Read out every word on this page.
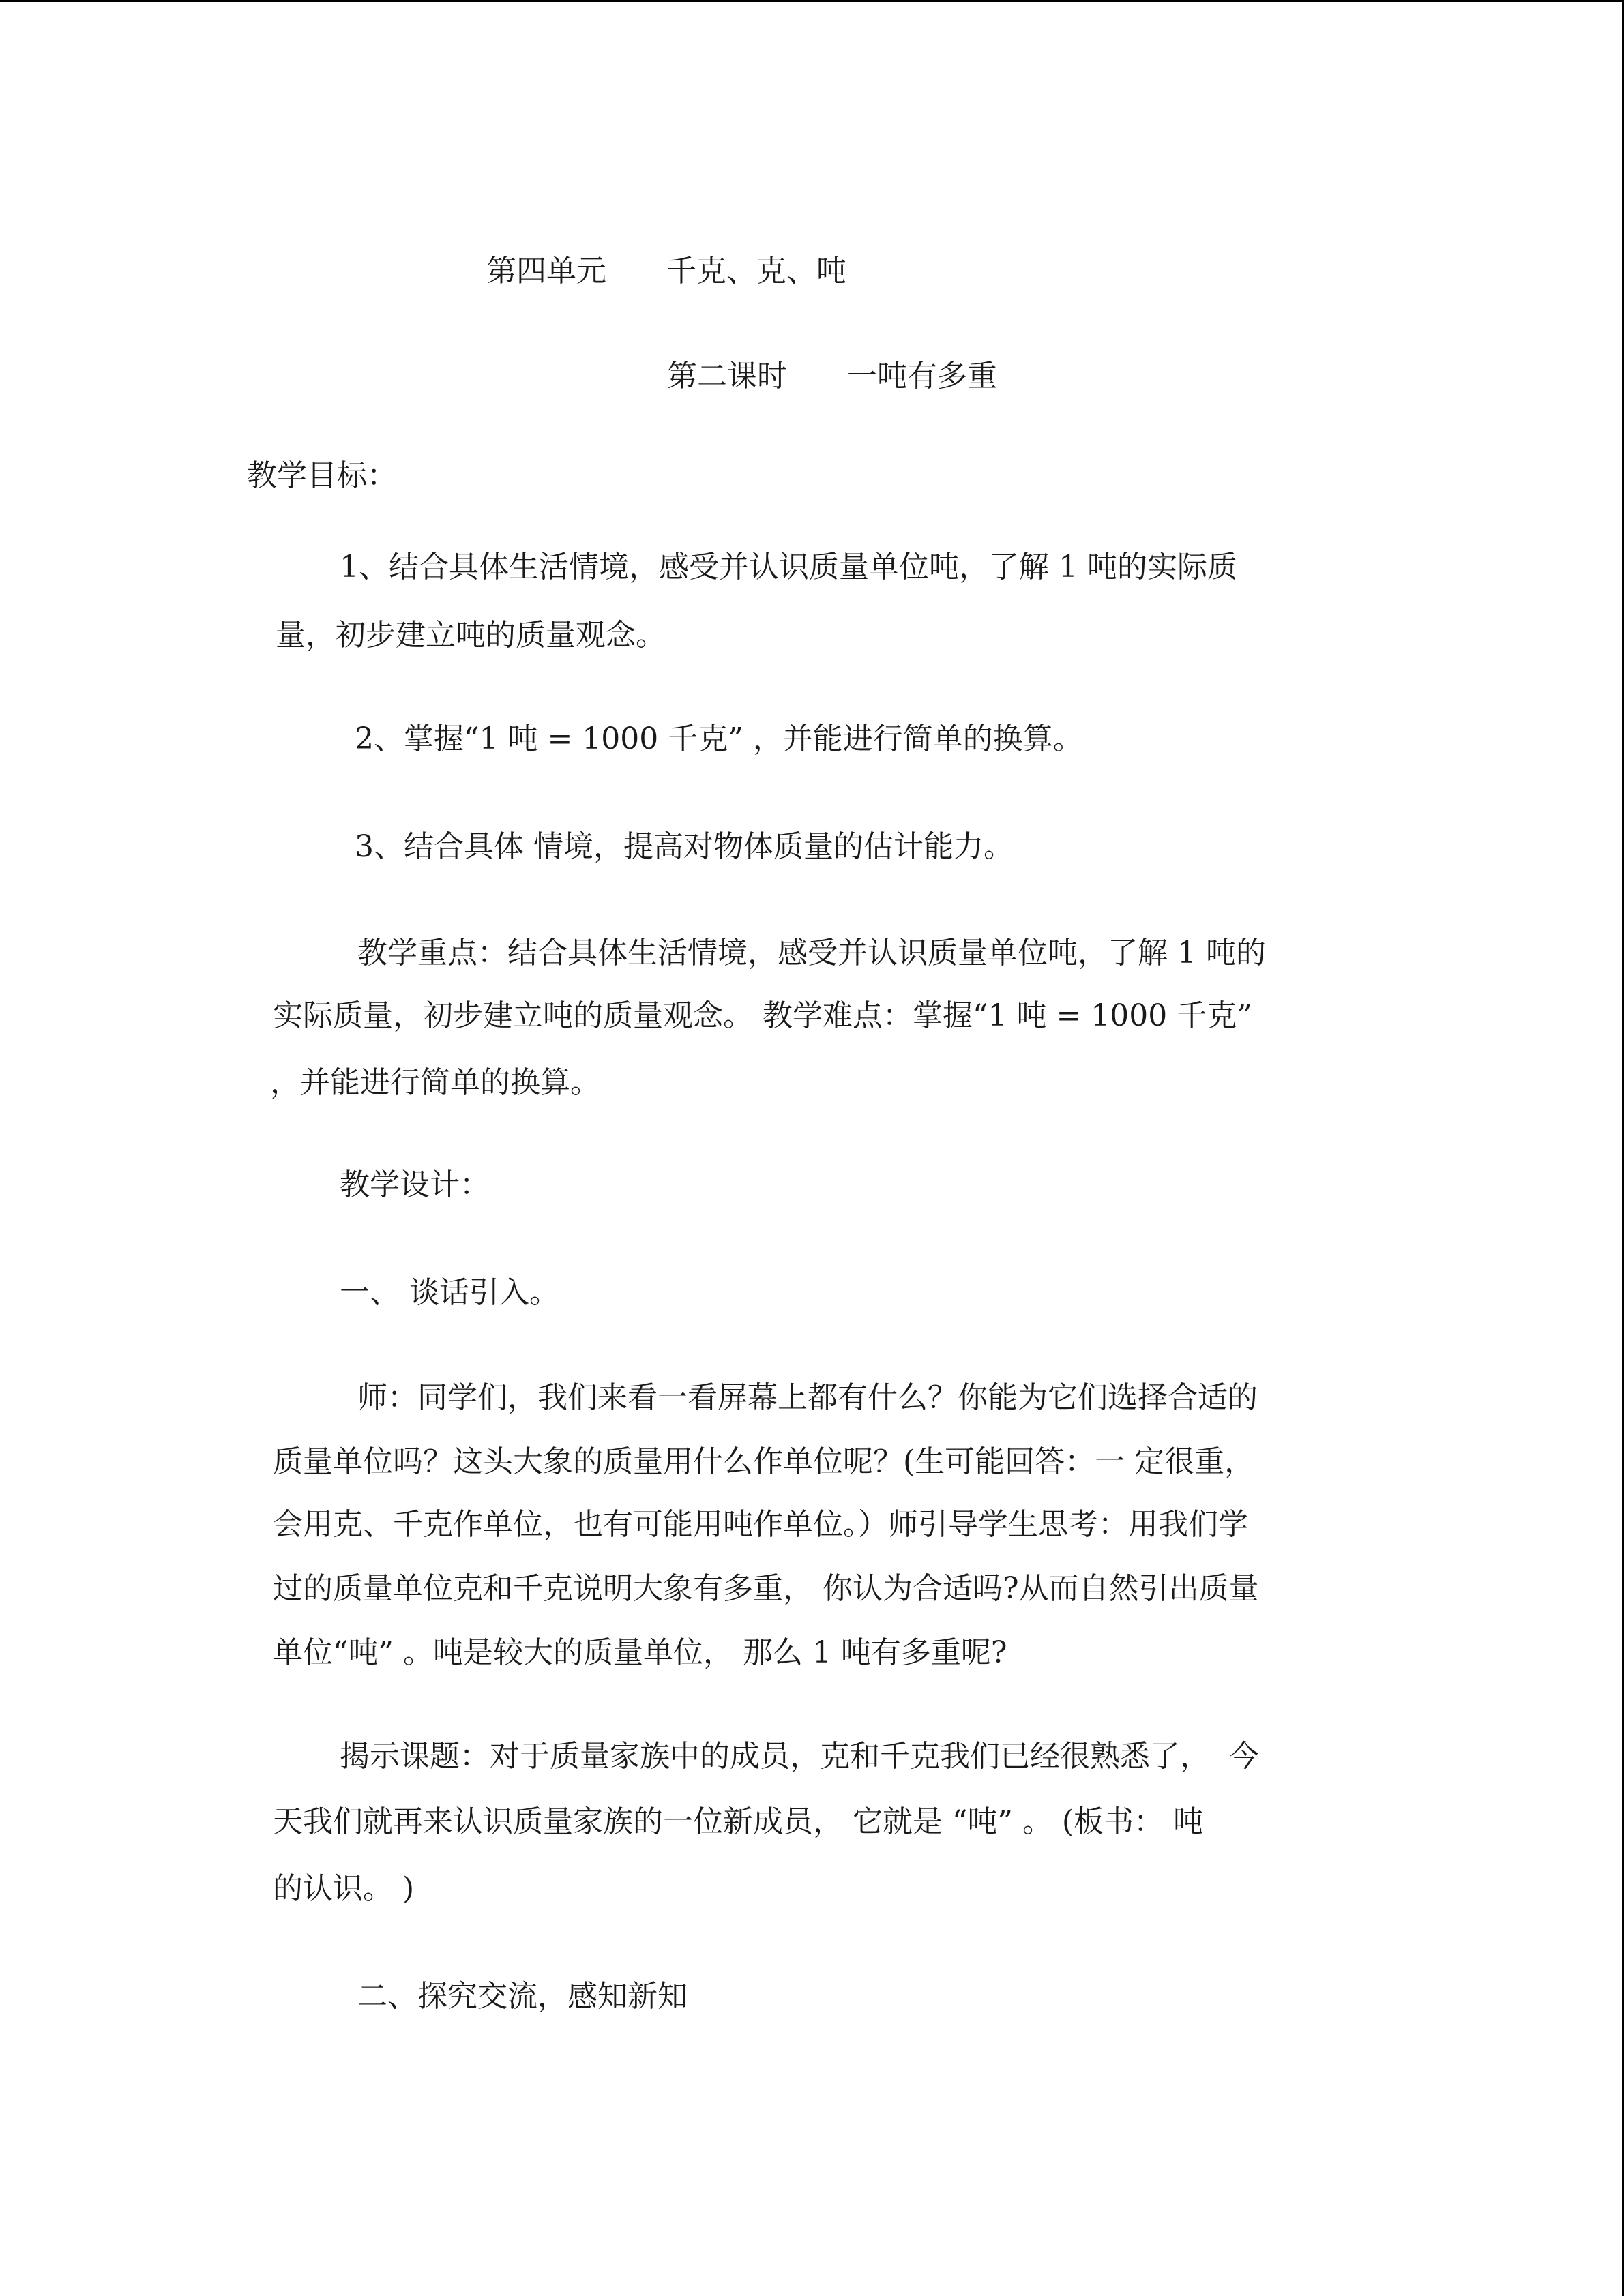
第四单元　　千克、克、吨

第二课时　　一吨有多重

教学目标：

1、结合具体生活情境，感受并认识质量单位吨，了解 1 吨的实际质

量，初步建立吨的质量观念。

2、掌握“1 吨 = 1000 千克” ，并能进行简单的换算。

3、结合具体 情境，提高对物体质量的估计能力。

教学重点：结合具体生活情境，感受并认识质量单位吨，了解 1 吨的

实际质量，初步建立吨的质量观念。 教学难点：掌握“1 吨 = 1000 千克”

，并能进行简单的换算。

教学设计：

一、 谈话引入。

师：同学们，我们来看一看屏幕上都有什么？你能为它们选择合适的

质量单位吗？这头大象的质量用什么作单位呢？(生可能回答：一 定很重，

会用克、千克作单位，也有可能用吨作单位。）师引导学生思考：用我们学

过的质量单位克和千克说明大象有多重， 你认为合适吗?从而自然引出质量

单位“吨” 。吨是较大的质量单位， 那么 1 吨有多重呢?

揭示课题：对于质量家族中的成员，克和千克我们已经很熟悉了，  今

天我们就再来认识质量家族的一位新成员， 它就是 “吨” 。 (板书： 吨

的认识。 )

二、探究交流，感知新知
